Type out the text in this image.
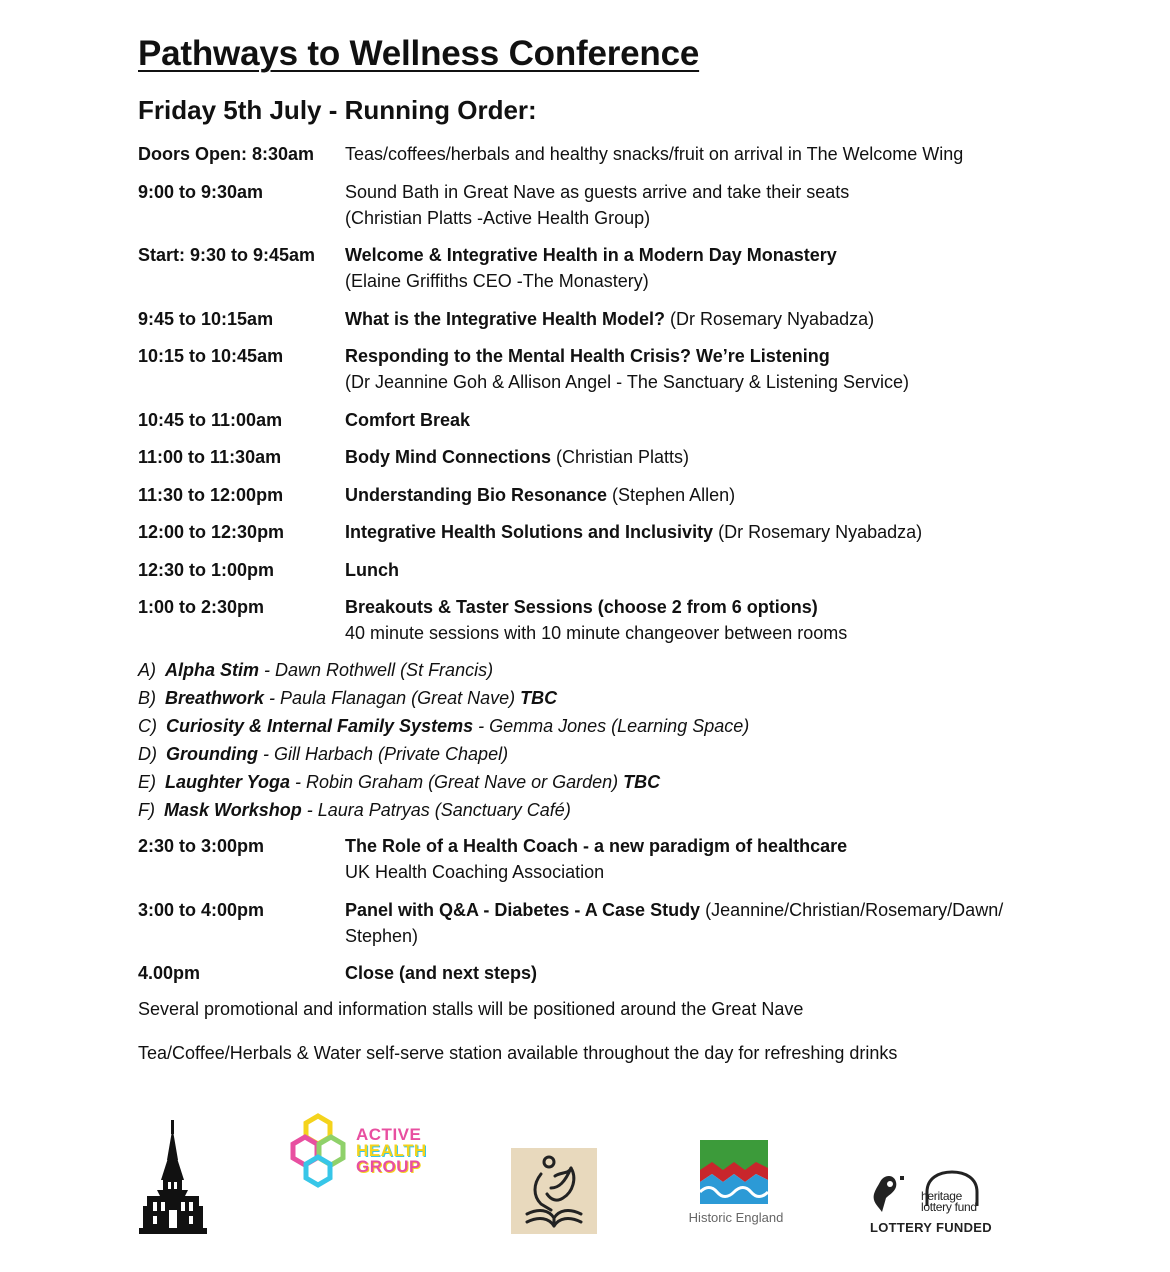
Pathways to Wellness Conference
Friday 5th July - Running Order:
Doors Open: 8:30am	Teas/coffees/herbals and healthy snacks/fruit on arrival in The Welcome Wing
9:00 to 9:30am	Sound Bath in Great Nave as guests arrive and take their seats
(Christian Platts -Active Health Group)
Start: 9:30 to 9:45am	Welcome & Integrative Health in a Modern Day Monastery
(Elaine Griffiths CEO -The Monastery)
9:45 to 10:15am	What is the Integrative Health Model? (Dr Rosemary Nyabadza)
10:15 to 10:45am	Responding to the Mental Health Crisis? We’re Listening
(Dr Jeannine Goh & Allison Angel - The Sanctuary & Listening Service)
10:45 to 11:00am	Comfort Break
11:00 to 11:30am	Body Mind Connections (Christian Platts)
11:30 to 12:00pm	Understanding Bio Resonance (Stephen Allen)
12:00 to 12:30pm	Integrative Health Solutions and Inclusivity (Dr Rosemary Nyabadza)
12:30 to 1:00pm	Lunch
1:00 to 2:30pm	Breakouts & Taster Sessions (choose 2 from 6 options)
40 minute sessions with 10 minute changeover between rooms
A) Alpha Stim - Dawn Rothwell (St Francis)
B) Breathwork - Paula Flanagan (Great Nave) TBC
C) Curiosity & Internal Family Systems - Gemma Jones (Learning Space)
D) Grounding - Gill Harbach (Private Chapel)
E) Laughter Yoga - Robin Graham (Great Nave or Garden) TBC
F) Mask Workshop - Laura Patryas (Sanctuary Café)
2:30 to 3:00pm	The Role of a Health Coach - a new paradigm of healthcare
UK Health Coaching Association
3:00 to 4:00pm	Panel with Q&A - Diabetes - A Case Study (Jeannine/Christian/Rosemary/Dawn/
Stephen)
4.00pm	Close (and next steps)
Several promotional and information stalls will be positioned around the Great Nave
Tea/Coffee/Herbals & Water self-serve station available throughout the day for refreshing drinks
ACTIVE
HEALTH
GROUP
Historic England
heritage
lottery fund
LOTTERY FUNDED
